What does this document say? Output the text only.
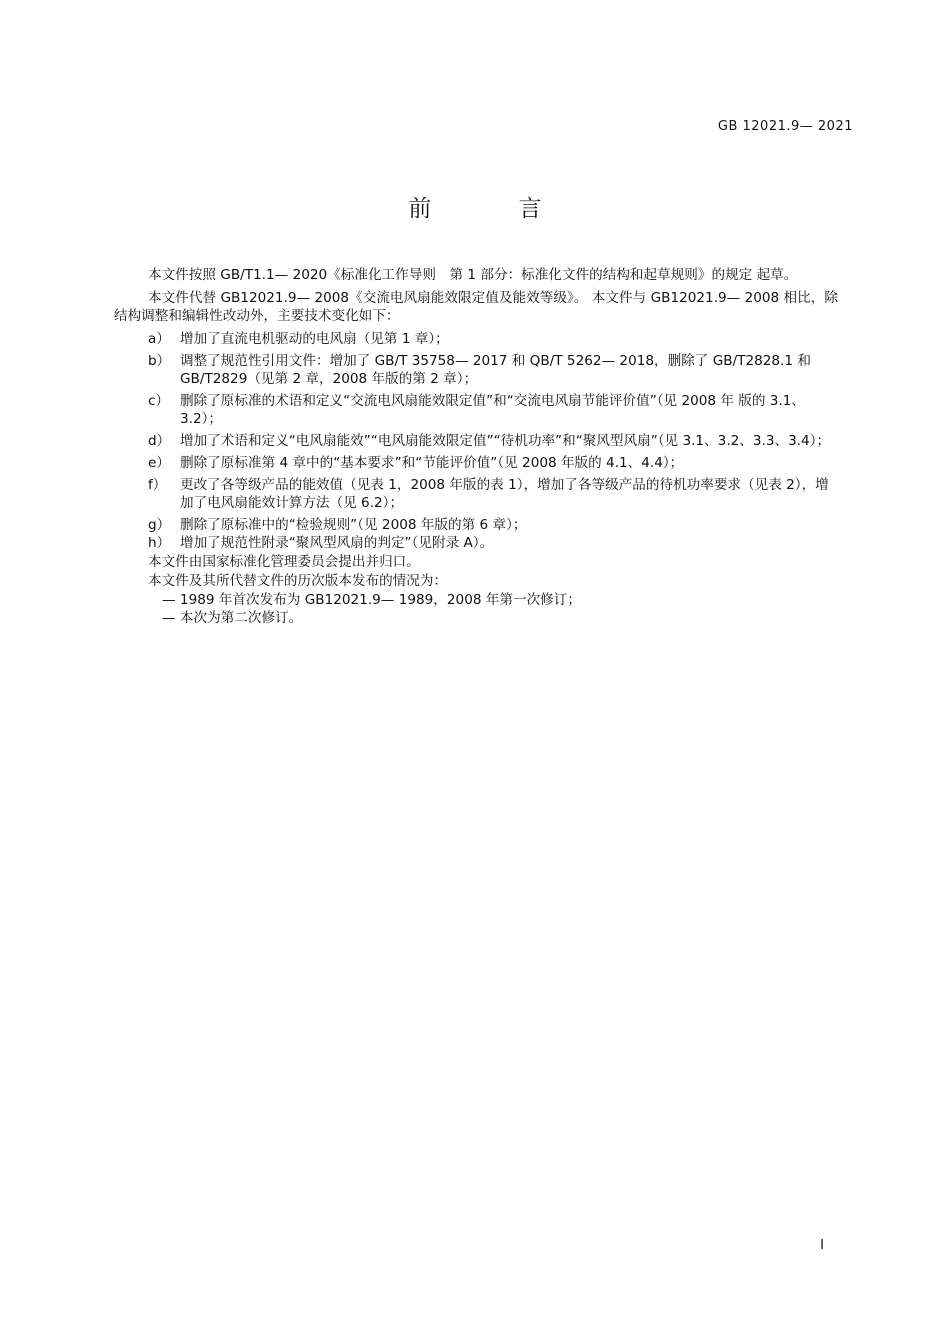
GB 12021.9— 2021
前 言

本文件按照 GB/T1.1— 2020《标准化工作导则　第 1 部分：标准化文件的结构和起草规则》的规定 起草。

本文件代替 GB12021.9— 2008《交流电风扇能效限定值及能效等级》。 本文件与 GB12021.9— 2008 相比，除结构调整和编辑性改动外，主要技术变化如下：

a） 增加了直流电机驱动的电风扇（见第 1 章）；
b） 调整了规范性引用文件：增加了 GB/T 35758— 2017 和 QB/T 5262— 2018，删除了 GB/T2828.1 和 GB/T2829（见第 2 章，2008 年版的第 2 章）；
c） 删除了原标准的术语和定义“交流电风扇能效限定值”和“交流电风扇节能评价值”（见 2008 年 版的 3.1、3.2）；
d） 增加了术语和定义“电风扇能效”“电风扇能效限定值”“待机功率”和“聚风型风扇”（见 3.1、3.2、3.3、3.4）；
e） 删除了原标准第 4 章中的“基本要求”和“节能评价值”（见 2008 年版的 4.1、4.4）；
f）	更改了各等级产品的能效值（见表 1，2008 年版的表 1），增加了各等级产品的待机功率要求（见表 2），增加了电风扇能效计算方法（见 6.2）；
g） 删除了原标准中的“检验规则”（见 2008 年版的第 6 章）；
h） 增加了规范性附录“聚风型风扇的判定”（见附录 A）。

本文件由国家标准化管理委员会提出并归口。

本文件及其所代替文件的历次版本发布的情况为：

— 1989 年首次发布为 GB12021.9— 1989，2008 年第一次修订；

— 本次为第二次修订。

I
